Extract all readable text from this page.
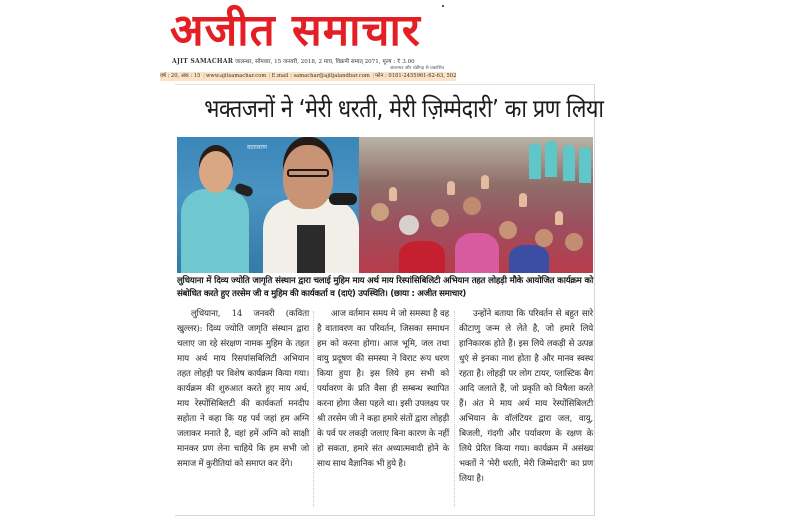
अजीत समाचार
AJIT SAMACHAR जालन्धर, सोमवार, 15 जनवरी, 2018, 2 माघ, विक्रमी सम्वत् 2071, मूल्य : ₹ 3.00
जालन्धर और चंडीगढ़ से प्रकाशित
वर्ष : 20, अंक : 15 |www.ajitsamachar.com |E.mail : samachar@ajitjalandhar.com |फोन : 0181-2455961-62-63, 502
भक्तजनों ने ‘मेरी धरती, मेरी ज़िम्मेदारी’ का प्रण लिया
वातावरण
लुधियाना में दिव्य ज्योति जागृति संस्थान द्वारा चलाई मुहिम माय अर्थ माय रिस्पांसिबिलिटी अभियान तहत लोहड़ी मौके आयोजित कार्यक्रम को संबोधित करते हुए तरसेम जी व मुहिम की कार्यकर्ता व (दाएं) उपस्थिति। (छाया : अजीत समाचार)

लुधियाना, 14 जनवरी (कविता खुल्लर): दिव्य ज्योति जागृति संस्थान द्वारा चलाए जा रहे संरक्षण नामक मुहिम के तहत माय अर्थ माय रिसपांसबिलिटी अभियान तहत लोहड़ी पर विशेष कार्यक्रम किया गया। कार्यक्रम की शुरुआत करते हुए माय अर्थ, माय रेस्पोंसिबिलटी की कार्यकर्ता मनदीप सहोता ने कहा कि यह पर्व जहां हम अग्नि जलाकर मनाते है, वहां हमें अग्नि को साक्षी मानकर प्रण लेना चाहिये कि हम सभी जो समाज में कुरीतियां को समाप्त कर देंगे।

आज वर्तमान समय मे जो समस्या है वह है वातावरण का परिवर्तन, जिसका समाधन हम को करना होगा। आज भूमि, जल तथा वायु प्रदूषण की समस्या ने विराट रूप धरण किया हुया है। इस लिये हम सभी को पर्यावरण के प्रति वैसा ही सम्बन्ध स्थापित करना होगा जैसा पहले था। इसी उपलक्ष्य पर श्री तरसेम जी ने कहा हमारे संतों द्वारा लोहड़ी के पर्व पर लकड़ी जलाए बिना कारण के नहीं हो सकता, हमारे संत अध्यात्मवादी होने के साथ साथ वैज्ञानिक भी हुये है।

उन्होंने बताया कि परिवर्तन से बहुत सारे कीटाणु जन्म ले लेते है, जो हमारे लिये हानिकारक होते हैं। इस लिये लकड़ी से उत्पन्न धुएं से इनका नाश होता है और मानव स्वस्थ रहता है। लोहड़ी पर लोग टायर, प्लास्टिक बैग आदि जलाते हैं, जो प्रकृति को विषैला करते हैं। अंत मे माय अर्थ माय रेस्पोंसिबिलटी अभियान के वॉलंटियर द्वारा जल, वायु, बिजली, गंदगी और पर्यावरण के रक्षण के लिये प्रेरित किया गया। कार्यक्रम में असंख्य भक्तों ने 'मेरी धरती, मेरी जिम्मेदारी' का प्रण लिया है।
